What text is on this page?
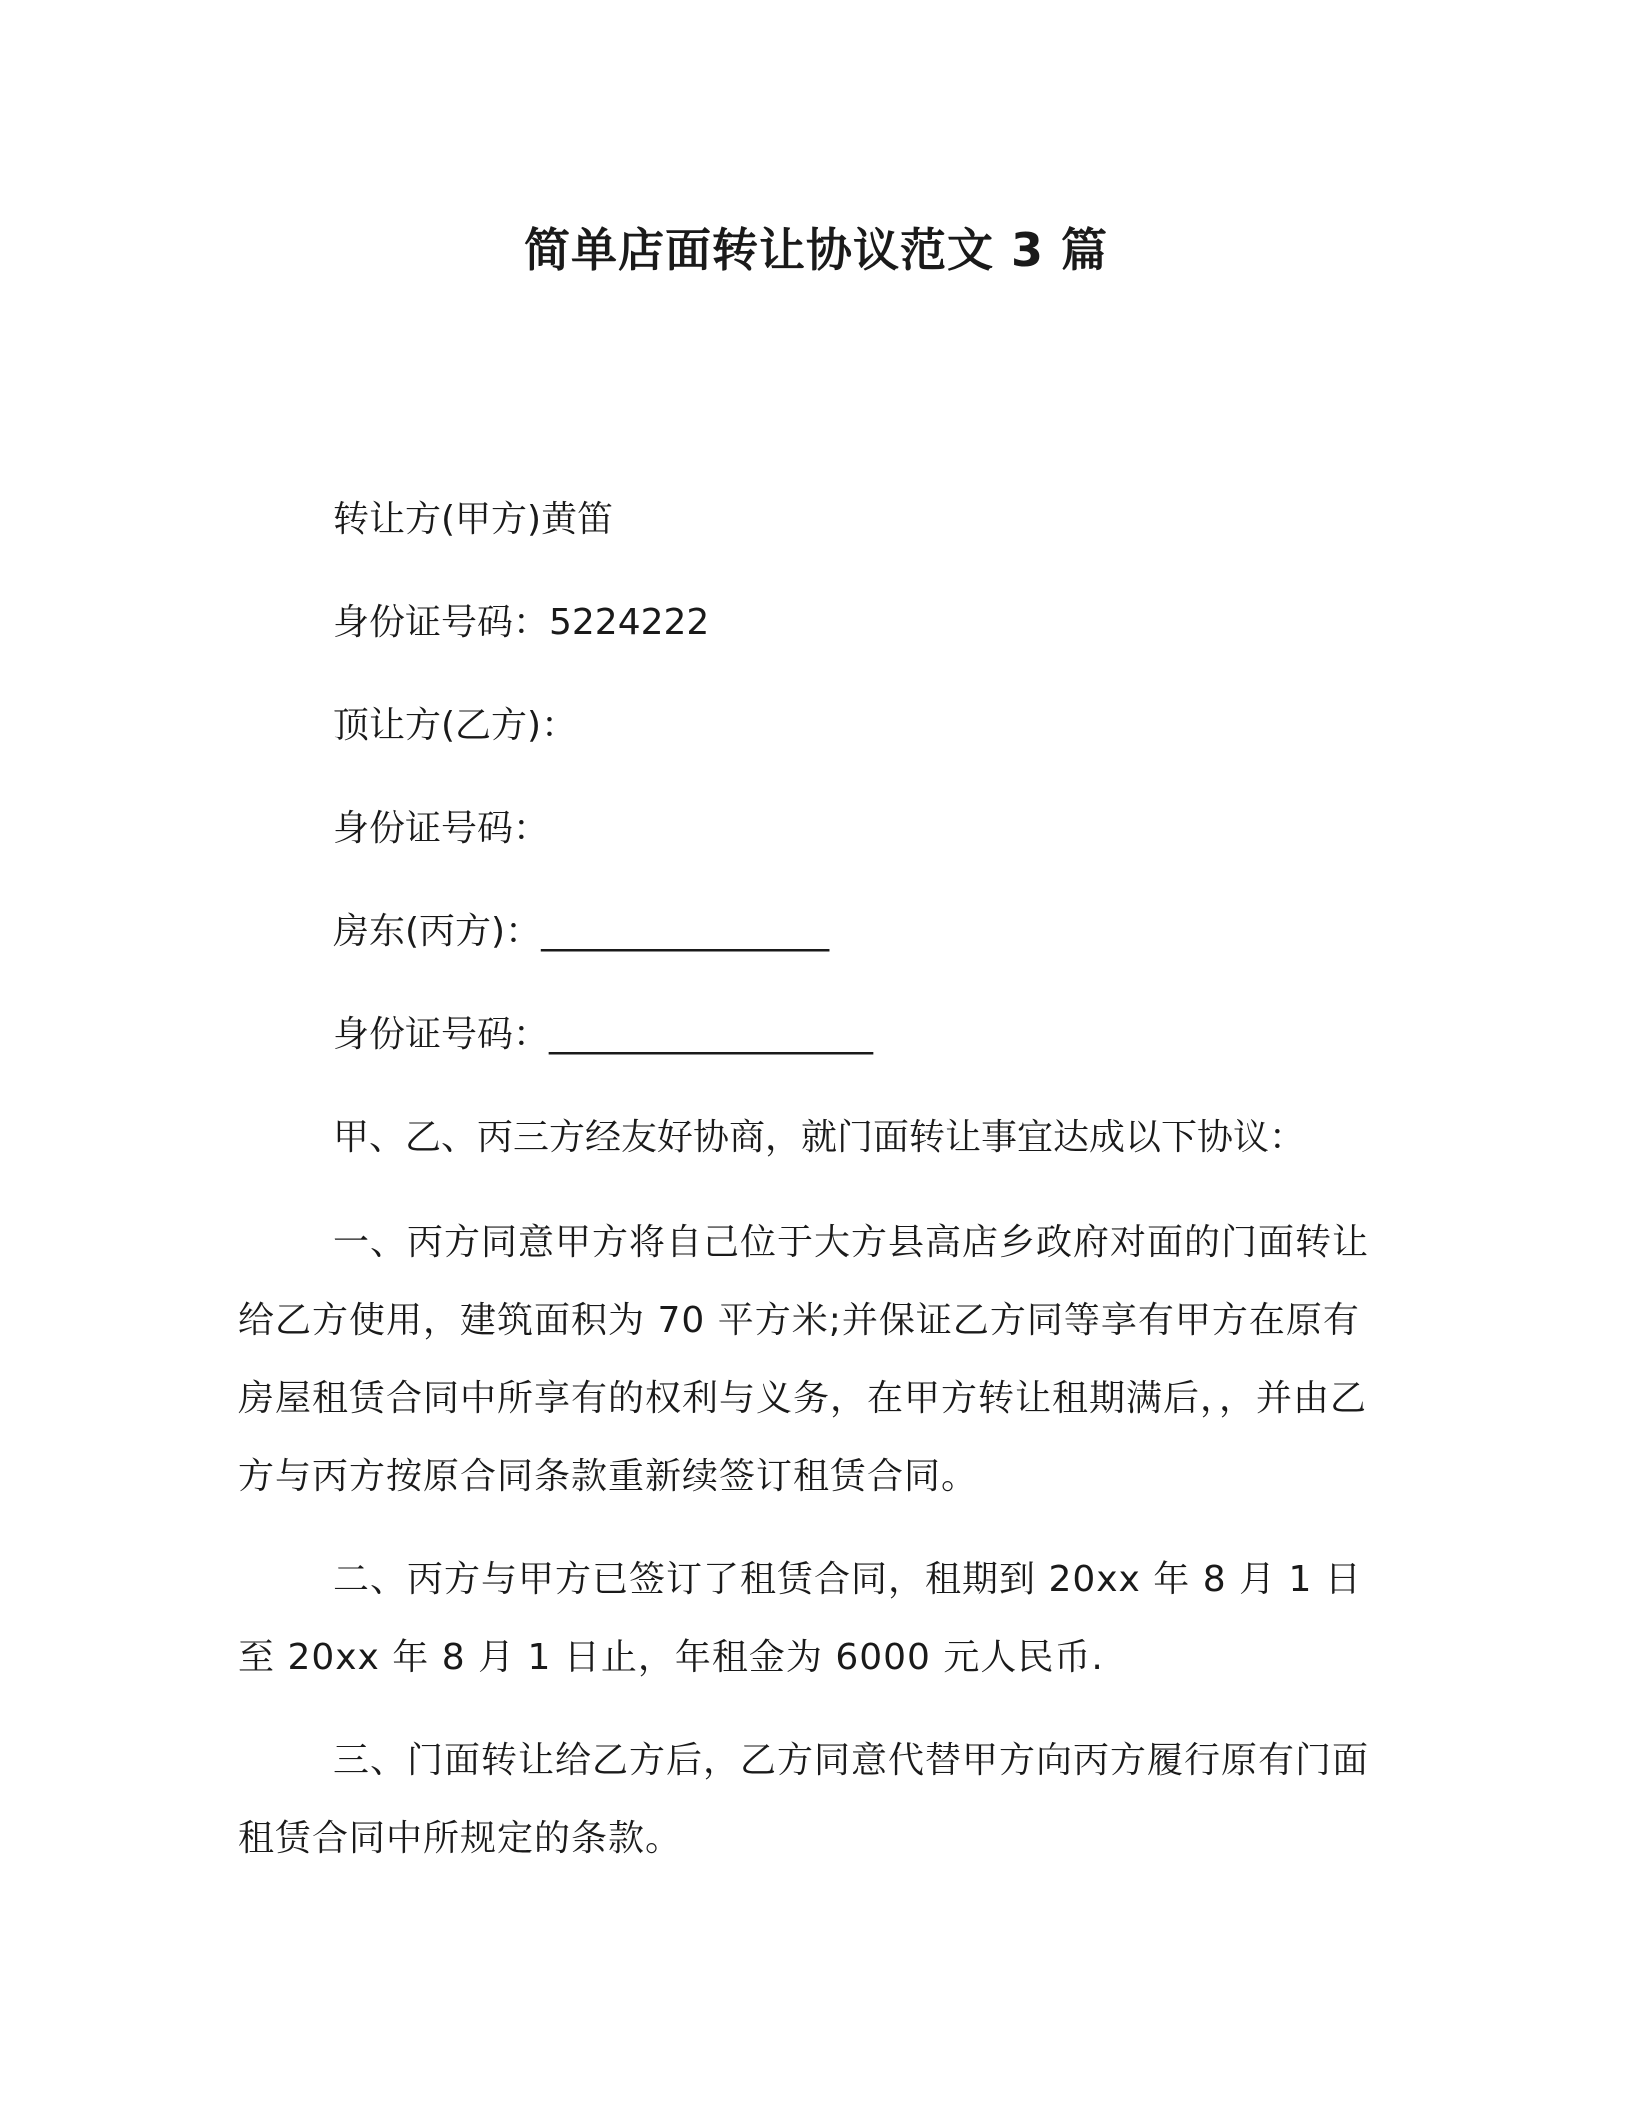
简单店面转让协议范文 3 篇
转让方(甲方)黄笛
身份证号码：5224222
顶让方(乙方)：
身份证号码：
房东(丙方)：________________
身份证号码：__________________
甲、乙、丙三方经友好协商，就门面转让事宜达成以下协议：

一、丙方同意甲方将自己位于大方县高店乡政府对面的门面转让给乙方使用，建筑面积为 70 平方米;并保证乙方同等享有甲方在原有房屋租赁合同中所享有的权利与义务，在甲方转让租期满后，，并由乙方与丙方按原合同条款重新续签订租赁合同。

二、丙方与甲方已签订了租赁合同，租期到 20xx 年 8 月 1 日至 20xx 年 8 月 1 日止，年租金为 6000 元人民币.

三、门面转让给乙方后，乙方同意代替甲方向丙方履行原有门面租赁合同中所规定的条款。
